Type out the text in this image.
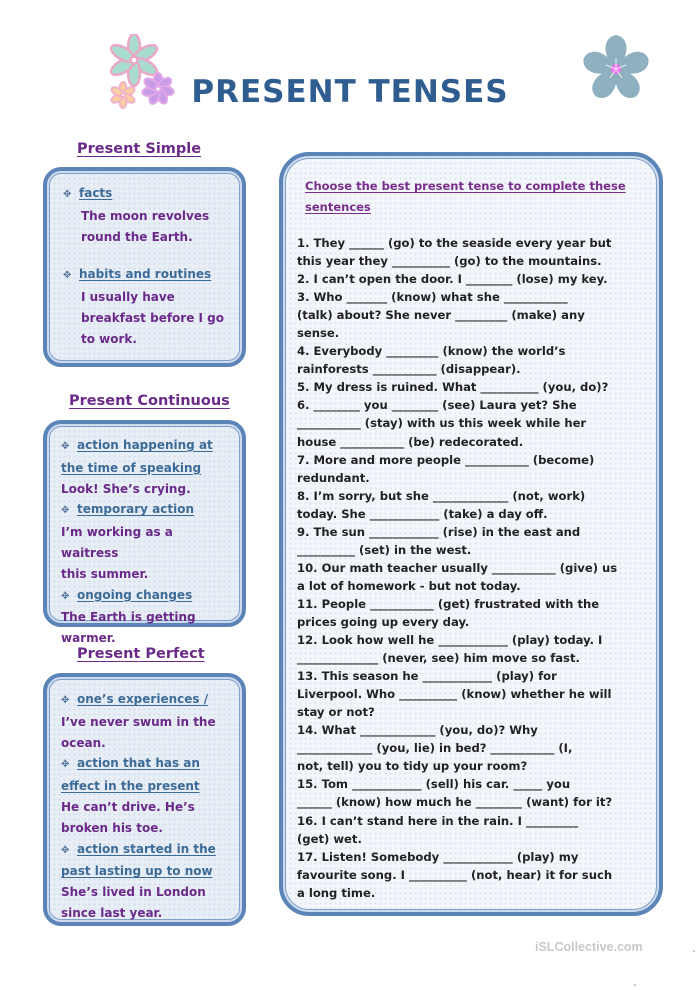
PRESENT TENSES
Present Simple
✥ facts
The moon revolves
round the Earth.
✥ habits and routines
I usually have
breakfast before I go
to work.
Present Continuous
✥ action happening at
the time of speaking
Look! She’s crying.
✥ temporary action
I’m working as a waitress
this summer.
✥ ongoing changes
The Earth is getting
warmer.
Present Perfect
✥ one’s experiences /
I’ve never swum in the
ocean.
✥ action that has an
effect in the present
He can’t drive. He’s
broken his toe.
✥ action started in the
past lasting up to now
She’s lived in London
since last year.
Choose the best present tense to complete these
sentences

1. They ______ (go) to the seaside every year but

this year they __________ (go) to the mountains.

2. I can’t open the door. I ________ (lose) my key.

3. Who _______ (know) what she ___________

(talk) about? She never _________ (make) any

sense.

4. Everybody _________ (know) the world’s

rainforests ___________ (disappear).

5. My dress is ruined. What __________ (you, do)?

6. ________ you ________ (see) Laura yet? She

___________ (stay) with us this week while her

house ___________ (be) redecorated.

7. More and more people ___________ (become)

redundant.

8. I’m sorry, but she _____________ (not, work)

today. She ____________ (take) a day off.

9. The sun ____________ (rise) in the east and

__________ (set) in the west.

10. Our math teacher usually ___________ (give) us

a lot of homework - but not today.

11. People ___________ (get) frustrated with the

prices going up every day.

12. Look how well he ____________ (play) today. I

______________ (never, see) him move so fast.

13. This season he ____________ (play) for

Liverpool. Who __________ (know) whether he will

stay or not?

14. What _____________ (you, do)? Why

_____________ (you, lie) in bed? ___________ (I,

not, tell) you to tidy up your room?

15. Tom ____________ (sell) his car. _____ you

______ (know) how much he ________ (want) for it?

16. I can’t stand here in the rain. I _________

(get) wet.

17. Listen! Somebody ____________ (play) my

favourite song. I __________ (not, hear) it for such

a long time.

iSLCollective.com
